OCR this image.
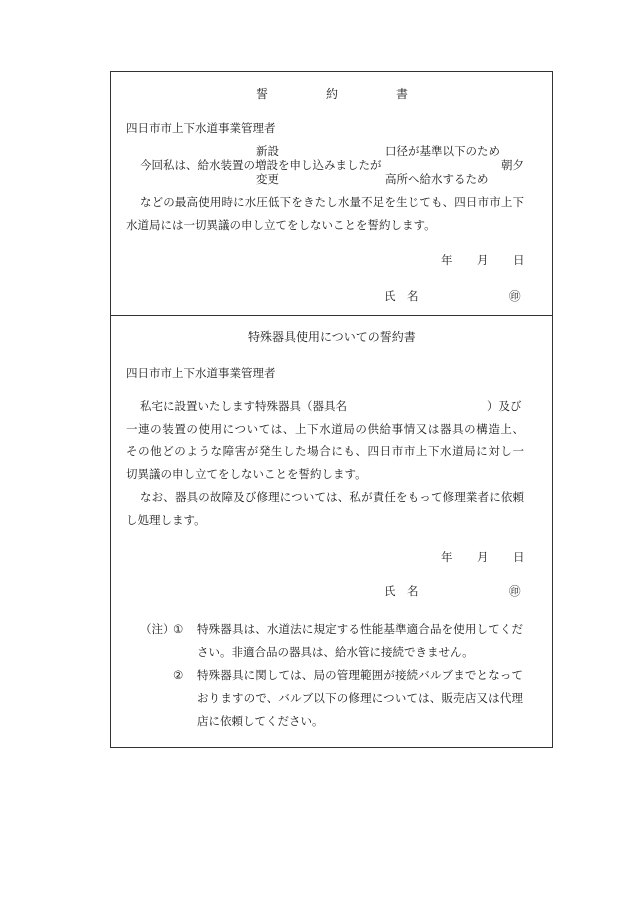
誓	約	書
四日市市上下水道事業管理者
新設	口径が基準以下のため
今回私は、給水装置の増設を申し込みましたが	朝夕
変更	高所へ給水するため
などの最高使用時に水圧低下をきたし水量不足を生じても、四日市市上下
水道局には一切異議の申し立てをしないことを誓約します。
年 月 日
氏　名	㊞
特殊器具使用についての誓約書
四日市市上下水道事業管理者
私宅に設置いたします特殊器具（器具名	）及び
一連の装置の使用については、上下水道局の供給事情又は器具の構造上、
その他どのような障害が発生した場合にも、四日市市上下水道局に対し一
切異議の申し立てをしないことを誓約します。
なお、器具の故障及び修理については、私が責任をもって修理業者に依頼
し処理します。
年 月 日
氏　名	㊞
（注）
① 特殊器具は、水道法に規定する性能基準適合品を使用してくだ
さい。非適合品の器具は、給水管に接続できません。
② 特殊器具に関しては、局の管理範囲が接続バルブまでとなって
おりますので、バルブ以下の修理については、販売店又は代理
店に依頼してください。
